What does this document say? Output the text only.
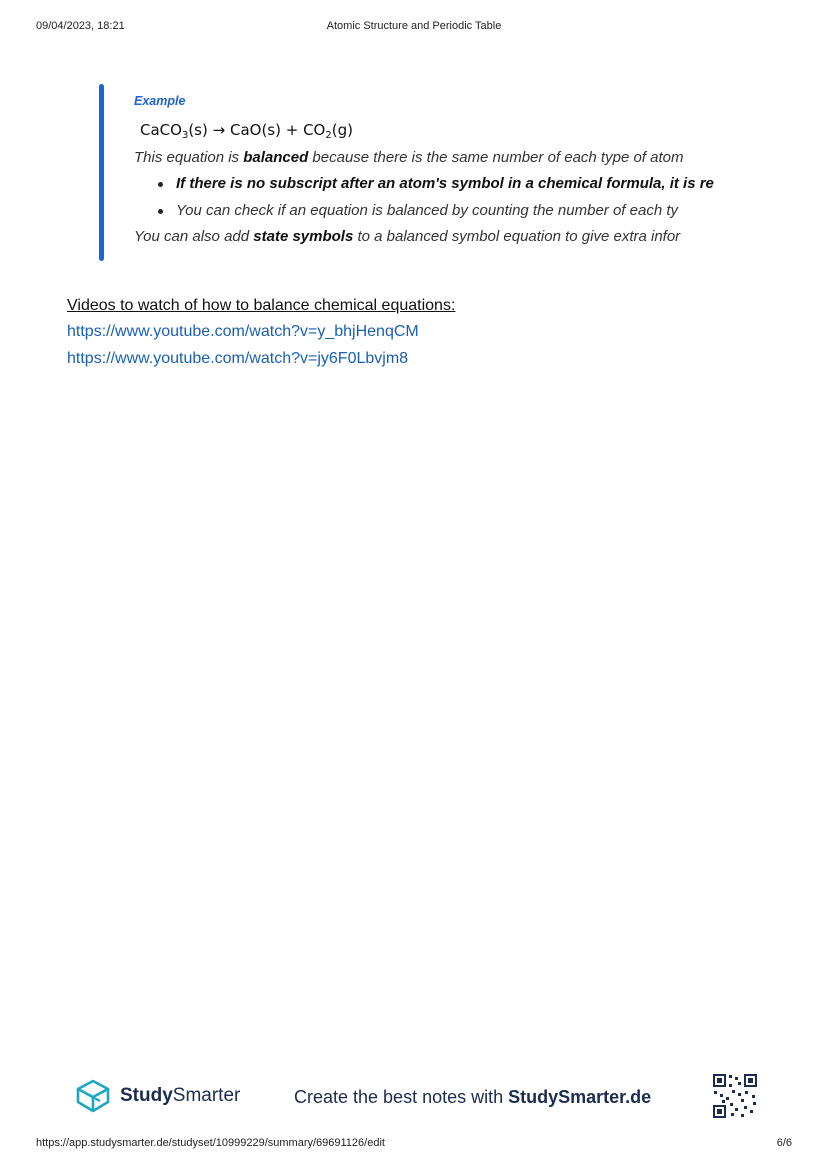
09/04/2023, 18:21	Atomic Structure and Periodic Table
Example
CaCO$_3$(s) → $CaO(s) + CO_2(g)$
This equation is balanced because there is the same number of each type of atom
If there is no subscript after an atom's symbol in a chemical formula, it is re
You can check if an equation is balanced by counting the number of each ty
You can also add state symbols to a balanced symbol equation to give extra infor
Videos to watch of how to balance chemical equations:
https://www.youtube.com/watch?v=y_bhjHenqCM
https://www.youtube.com/watch?v=jy6F0Lbvjm8
StudySmarter	Create the best notes with StudySmarter.de
https://app.studysmarter.de/studyset/10999229/summary/69691126/edit	6/6
